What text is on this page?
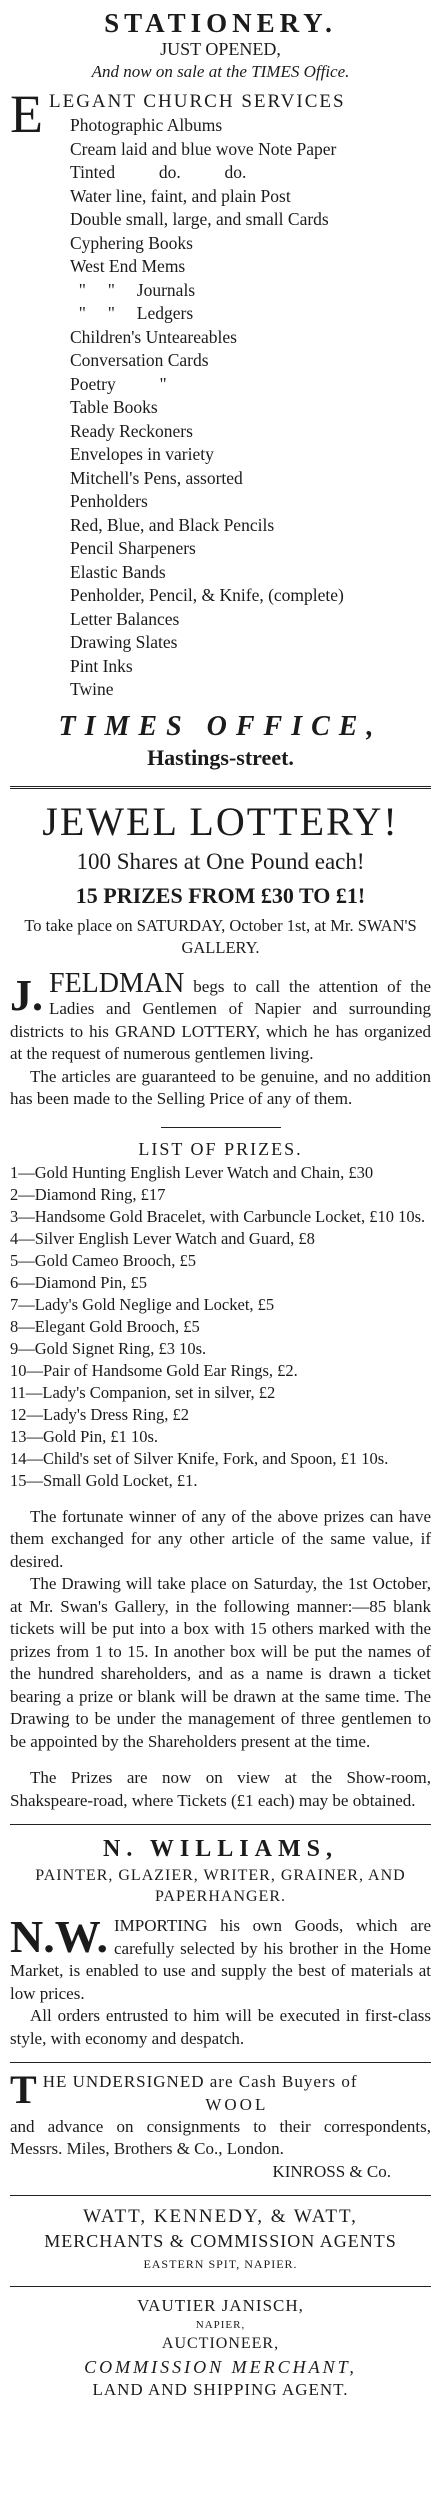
STATIONERY.
JUST OPENED,
And now on sale at the TIMES Office.
E LEGANT CHURCH SERVICES
Photographic Albums
Cream laid and blue wove Note Paper
Tinted          do.          do.
Water line, faint, and plain Post
Double small, large, and small Cards
Cyphering Books
West End Mems
"     "     Journals
"     "     Ledgers
Children's Unteareables
Conversation Cards
Poetry          "
Table Books
Ready Reckoners
Envelopes in variety
Mitchell's Pens, assorted
Penholders
Red, Blue, and Black Pencils
Pencil Sharpeners
Elastic Bands
Penholder, Pencil, & Knife, (complete)
Letter Balances
Drawing Slates
Pint Inks
Twine
TIMES OFFICE,
Hastings-street.
JEWEL LOTTERY!
100 Shares at One Pound each!
15 PRIZES FROM £30 TO £1!
To take place on SATURDAY, October 1st, at Mr. SWAN'S GALLERY.
J. FELDMAN begs to call the attention of the Ladies and Gentlemen of Napier and surrounding districts to his GRAND LOTTERY, which he has organized at the request of numerous gentlemen living.

The articles are guaranteed to be genuine, and no addition has been made to the Selling Price of any of them.

LIST OF PRIZES.
1—Gold Hunting English Lever Watch and Chain, £30
2—Diamond Ring, £17
3—Handsome Gold Bracelet, with Carbuncle Locket, £10 10s.
4—Silver English Lever Watch and Guard, £8
5—Gold Cameo Brooch, £5
6—Diamond Pin, £5
7—Lady's Gold Neglige and Locket, £5
8—Elegant Gold Brooch, £5
9—Gold Signet Ring, £3 10s.
10—Pair of Handsome Gold Ear Rings, £2.
11—Lady's Companion, set in silver, £2
12—Lady's Dress Ring, £2
13—Gold Pin, £1 10s.
14—Child's set of Silver Knife, Fork, and Spoon, £1 10s.
15—Small Gold Locket, £1.

The fortunate winner of any of the above prizes can have them exchanged for any other article of the same value, if desired.

The Drawing will take place on Saturday, the 1st October, at Mr. Swan's Gallery, in the following manner:—85 blank tickets will be put into a box with 15 others marked with the prizes from 1 to 15. In another box will be put the names of the hundred shareholders, and as a name is drawn a ticket bearing a prize or blank will be drawn at the same time. The Drawing to be under the management of three gentlemen to be appointed by the Shareholders present at the time.

The Prizes are now on view at the Show-room, Shakspeare-road, where Tickets (£1 each) may be obtained.

N. WILLIAMS,
PAINTER, GLAZIER, WRITER, GRAINER, AND PAPERHANGER.
N.W. IMPORTING his own Goods, which are carefully selected by his brother in the Home Market, is enabled to use and supply the best of materials at low prices.

All orders entrusted to him will be executed in first-class style, with economy and despatch.

T HE UNDERSIGNED are Cash Buyers of
WOOL

and advance on consignments to their correspondents, Messrs. Miles, Brothers & Co., London.

KINROSS & Co.
WATT, KENNEDY, & WATT,
MERCHANTS & COMMISSION AGENTS
EASTERN SPIT, NAPIER.
VAUTIER JANISCH,
NAPIER,
AUCTIONEER,
COMMISSION MERCHANT,
LAND AND SHIPPING AGENT.
